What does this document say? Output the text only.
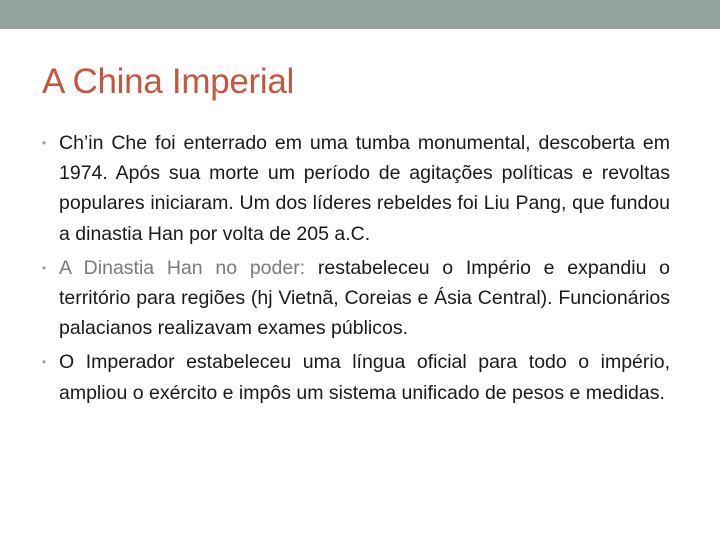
A China Imperial
• Ch’in Che foi enterrado em uma tumba monumental, descoberta em 1974. Após sua morte um período de agitações políticas e revoltas populares iniciaram. Um dos líderes rebeldes foi Liu Pang, que fundou a dinastia Han por volta de 205 a.C.
• A Dinastia Han no poder: restabeleceu o Império e expandiu o território para regiões (hj Vietnã, Coreias e Ásia Central). Funcionários palacianos realizavam exames públicos.
• O Imperador estabeleceu uma língua oficial para todo o império, ampliou o exército e impôs um sistema unificado de pesos e medidas.
